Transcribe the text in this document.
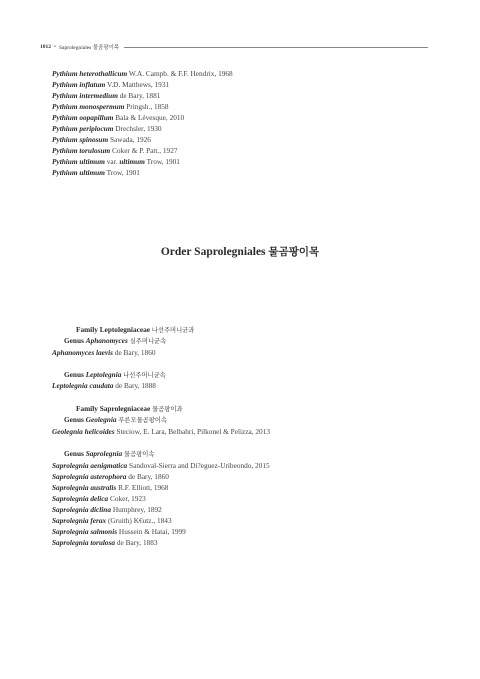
1012 • Saprolegniales 물곰팡이목
Pythium heterothallicum W.A. Campb. & F.F. Hendrix, 1968
Pythium inflatum V.D. Matthews, 1931
Pythium intermedium de Bary, 1881
Pythium monospermum Pringsh., 1858
Pythium oopapillum Bala & Lévesque, 2010
Pythium periplocum Drechsler, 1930
Pythium spinosum Sawada, 1926
Pythium torulosum Coker & P. Patt., 1927
Pythium ultimum var. ultimum Trow, 1901
Pythium ultimum Trow, 1901
Order Saprolegniales 물곰팡이목
Family Leptolegniaceae 나선주머니균과
Genus Aphanomyces 실주머니균속
Aphanomyces laevis de Bary, 1860
Genus Leptolegnia 나선주머니균속
Leptolegnia caudata de Bary, 1888
Family Saprolegniaceae 물곰팡이과
Genus Geolegnia 푸른모물곰팡이속
Geolegnia helicoides Steciow, E. Lara, Belbahri, Pilkonel & Pelizza, 2013
Genus Saprolegnia 물곰팡이속
Saprolegnia aenigmatica Sandoval-Sierra and Di?eguez-Uribeondo, 2015
Saprolegnia asterophora de Bary, 1860
Saprolegnia australis R.F. Elliott, 1968
Saprolegnia delica Coker, 1923
Saprolegnia diclina Humphrey, 1892
Saprolegnia ferax (Gruith) K€utz., 1843
Saprolegnia salmonis Hussein & Hatai, 1999
Saprolegnia torulosa de Bary, 1883
